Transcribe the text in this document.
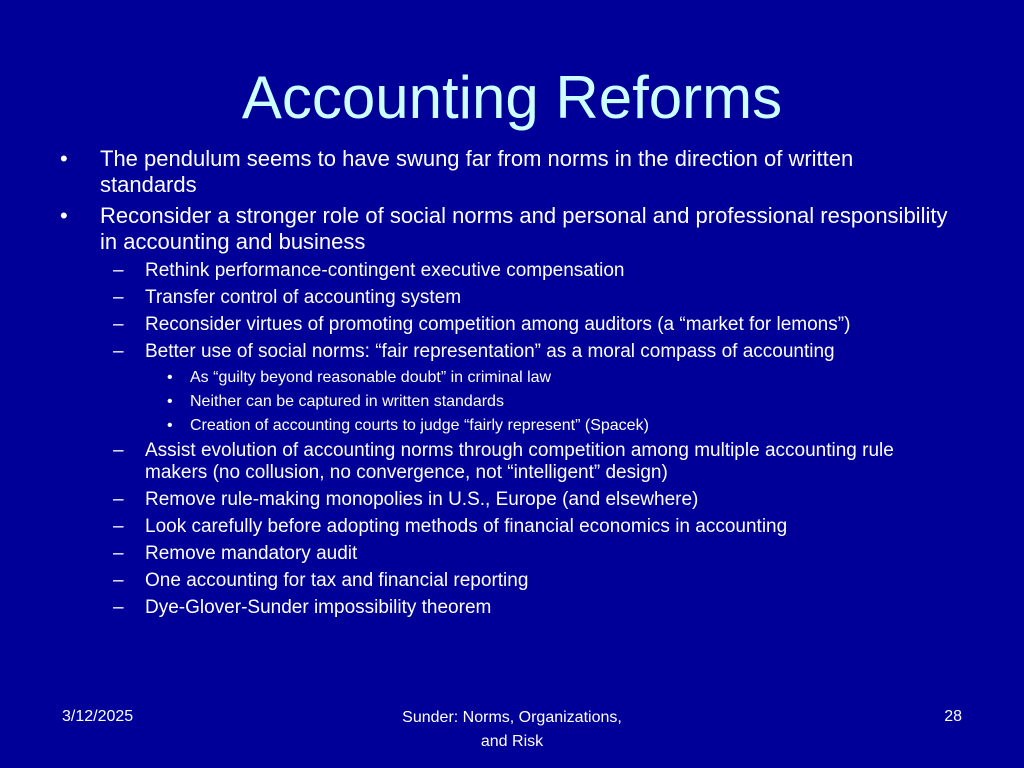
Accounting Reforms
• The pendulum seems to have swung far from norms in the direction of written standards
• Reconsider a stronger role of social norms and personal and professional responsibility in accounting and business
– Rethink performance-contingent executive compensation
– Transfer control of accounting system
– Reconsider virtues of promoting competition among auditors (a “market for lemons”)
– Better use of social norms: “fair representation” as a moral compass of accounting
• As “guilty beyond reasonable doubt” in criminal law
• Neither can be captured in written standards
• Creation of accounting courts to judge “fairly represent” (Spacek)
– Assist evolution of accounting norms through competition among multiple accounting rule makers (no collusion, no convergence, not “intelligent” design)
– Remove rule-making monopolies in U.S., Europe (and elsewhere)
– Look carefully before adopting methods of financial economics in accounting
– Remove mandatory audit
– One accounting for tax and financial reporting
– Dye-Glover-Sunder impossibility theorem
3/12/2025	Sunder: Norms, Organizations,
and Risk
28
